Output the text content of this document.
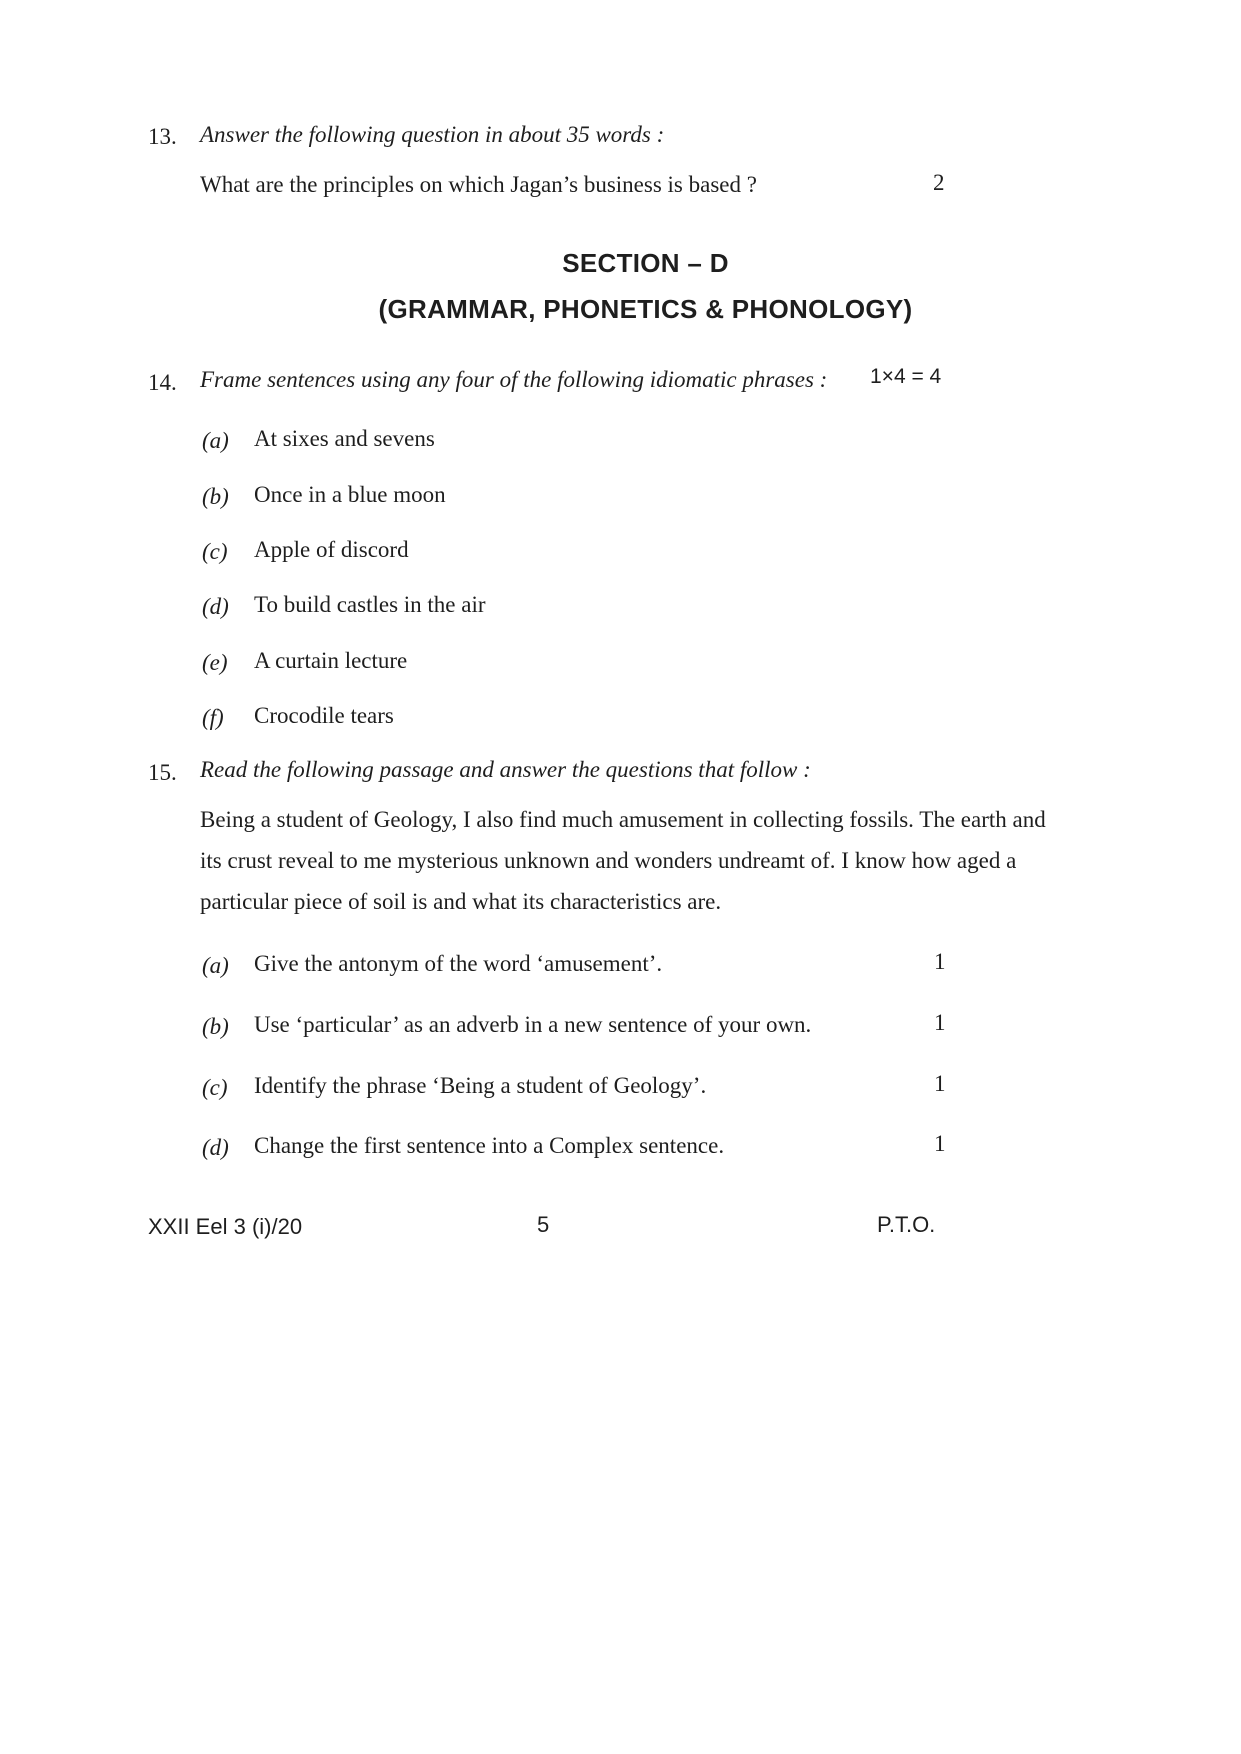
13. Answer the following question in about 35 words :
What are the principles on which Jagan’s business is based ?	2
SECTION – D
(GRAMMAR, PHONETICS & PHONOLOGY)
14. Frame sentences using any four of the following idiomatic phrases : 1×4 = 4
(a) At sixes and sevens
(b) Once in a blue moon
(c) Apple of discord
(d) To build castles in the air
(e) A curtain lecture
(f) Crocodile tears
15. Read the following passage and answer the questions that follow :
Being a student of Geology, I also find much amusement in collecting fossils. The earth and its crust reveal to me mysterious unknown and wonders undreamt of. I know how aged a particular piece of soil is and what its characteristics are.
(a) Give the antonym of the word ‘amusement’.	1
(b) Use ‘particular’ as an adverb in a new sentence of your own.	1
(c) Identify the phrase ‘Being a student of Geology’.	1
(d) Change the first sentence into a Complex sentence.	1
XXII Eel 3 (i)/20	5	P.T.O.
